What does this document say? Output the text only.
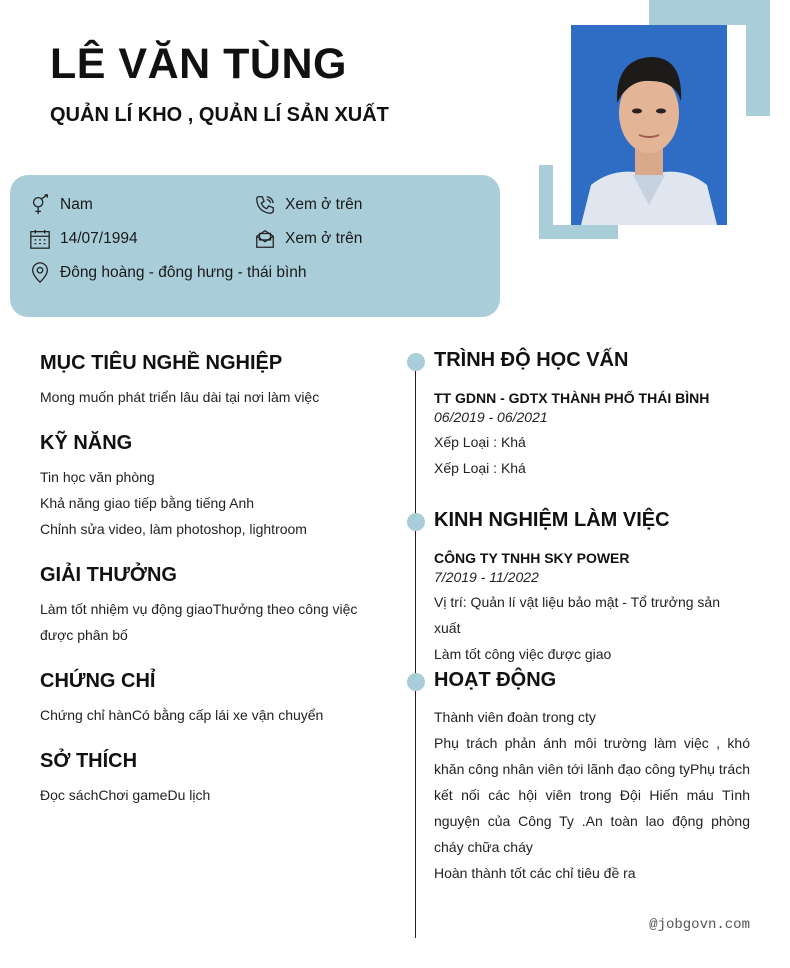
LÊ VĂN TÙNG
QUẢN LÍ KHO , QUẢN LÍ SẢN XUẤT
Nam	Xem ở trên
14/07/1994	Xem ở trên
Đông hoàng - đông hưng - thái bình
MỤC TIÊU NGHỀ NGHIỆP
Mong muốn phát triển lâu dài tại nơi làm việc
KỸ NĂNG
Tin học văn phòng
Khả năng giao tiếp bằng tiếng Anh
Chỉnh sửa video, làm photoshop, lightroom
GIẢI THƯỞNG
Làm tốt nhiệm vụ động giaoThưởng theo công việc
được phân bố
CHỨNG CHỈ
Chứng chỉ hànCó bằng cấp lái xe vận chuyển
SỞ THÍCH
Đọc sáchChơi gameDu lịch
TRÌNH ĐỘ HỌC VẤN
TT GDNN - GDTX THÀNH PHỐ THÁI BÌNH
06/2019 - 06/2021
Xếp Loại : Khá
Xếp Loại : Khá
KINH NGHIỆM LÀM VIỆC
CÔNG TY TNHH SKY POWER
7/2019 - 11/2022
Vị trí: Quản lí vật liệu bảo mật - Tổ trưởng sản xuất
Làm tốt công việc được giao
HOẠT ĐỘNG
Thành viên đoàn trong cty
Phụ trách phản ánh môi trường làm việc , khó khăn công nhân viên tới lãnh đạo công tyPhụ trách kết nối các hội viên trong Đội Hiến máu Tình nguyện của Công Ty .An toàn lao động phòng cháy chữa cháy
Hoàn thành tốt các chỉ tiêu đề ra
@jobgovn.com
